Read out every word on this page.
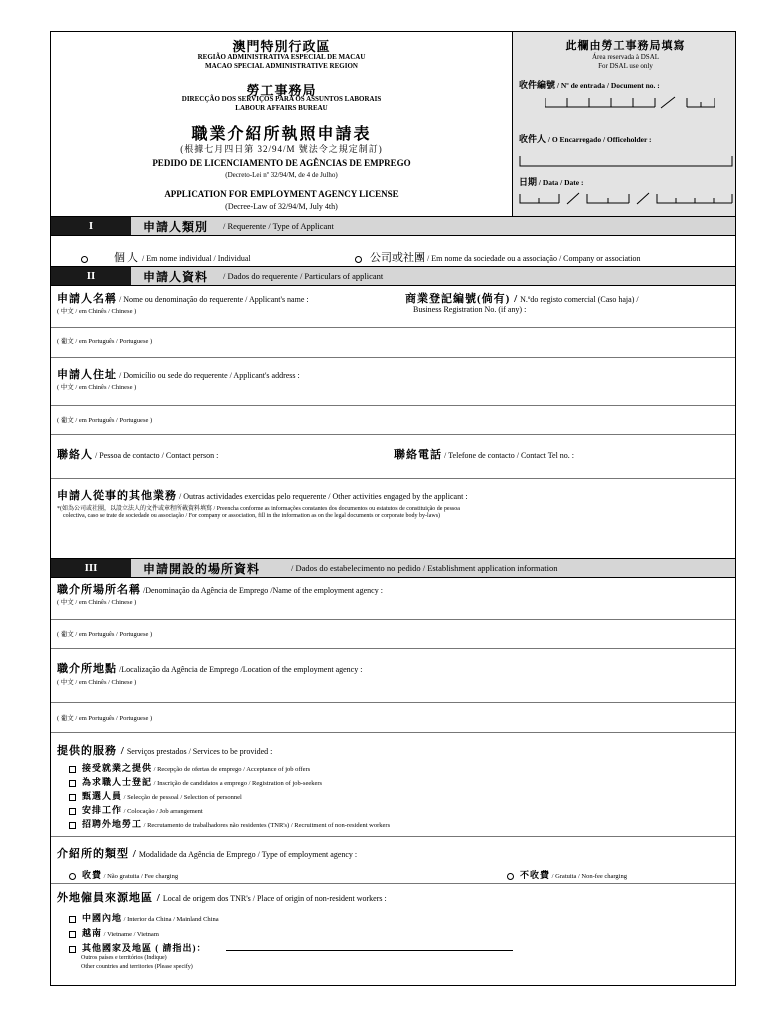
澳門特別行政區
REGIÃO ADMINISTRATIVA ESPECIAL DE MACAU
MACAO SPECIAL ADMINISTRATIVE REGION
勞工事務局
DIRECÇÃO DOS SERVIÇOS PARA OS ASSUNTOS LABORAIS
LABOUR AFFAIRS BUREAU
職業介紹所執照申請表
(根據七月四日第 32/94/M 號法令之規定制訂)
PEDIDO DE LICENCIAMENTO DE AGÊNCIAS DE EMPREGO
(Decreto-Lei nº 32/94/M, de 4 de Julho)
APPLICATION FOR EMPLOYMENT AGENCY LICENSE
(Decree-Law of 32/94/M, July 4th)
此欄由勞工事務局填寫
Área reservada à DSAL
For DSAL use only
收件編號 / Nº de entrada / Document no. :
收件人 / O Encarregado / Officeholder :
日期 / Data / Date :
I	申請人類別 / Requerente / Type of Applicant
個人 / Em nome individual / Individual	公司或社團 / Em nome da sociedade ou a associação / Company or association
II	申請人資料 / Dados do requerente / Particulars of applicant
申請人名稱 / Nome ou denominação do requerente / Applicant's name :	商業登記編號(倘有) / N.ºdo registo comercial (Caso haja) /
Business Registration No. (if any) :
( 中文 / em Chinês / Chinese )
( 葡文 / em Português / Portuguese )
申請人住址 / Domicílio ou sede do requerente / Applicant's address :
( 中文 / em Chinês / Chinese )
( 葡文 / em Português / Portuguese )
聯絡人 / Pessoa de contacto / Contact person :	聯絡電話 / Telefone de contacto / Contact Tel no. :
申請人從事的其他業務 / Outras actividades exercidas pelo requerente / Other activities engaged by the applicant :
*(如為公司或社團，以設立法人的文件或章程所載資料填寫 / Preencha conforme as informações constantes dos documentos ou estatutos de constituição de pessoa
colectiva, caso se trate de sociedade ou associação / For company or association, fill in the information as on the legal documents or corporate body by-laws)
III	申請開設的場所資料	/ Dados do estabelecimento no pedido / Establishment application information
職介所場所名稱 /Denominação da Agência de Emprego /Name of the employment agency :
( 中文 / em Chinês / Chinese )
( 葡文 / em Português / Portuguese )
職介所地點 /Localização da Agência de Emprego /Location of the employment agency :
( 中文 / em Chinês / Chinese )
( 葡文 / em Português / Portuguese )
提供的服務 / Serviços prestados / Services to be provided :
接受就業之提供 / Recepção de ofertas de emprego / Acceptance of job offers
為求職人士登記 / Inscrição de candidatos a emprego / Registration of job-seekers
甄選人員 / Selecção de pessoal / Selection of personnel
安排工作 / Colocação / Job arrangement
招聘外地勞工 / Recrutamento de trabalhadores não residentes (TNR's) / Recruitment of non-resident workers
介紹所的類型 / Modalidade da Agência de Emprego / Type of employment agency :
收費 / Não gratuita / Fee charging	不收費 / Gratuita / Non-fee charging
外地僱員來源地區 / Local de origem dos TNR's / Place of origin of non-resident workers :
中國內地 / Interior da China / Mainland China
越南 / Vietname / Vietnam
其他國家及地區 ( 請指出)：
Outros países e territórios (Indique)
Other countries and territories (Please specify)
